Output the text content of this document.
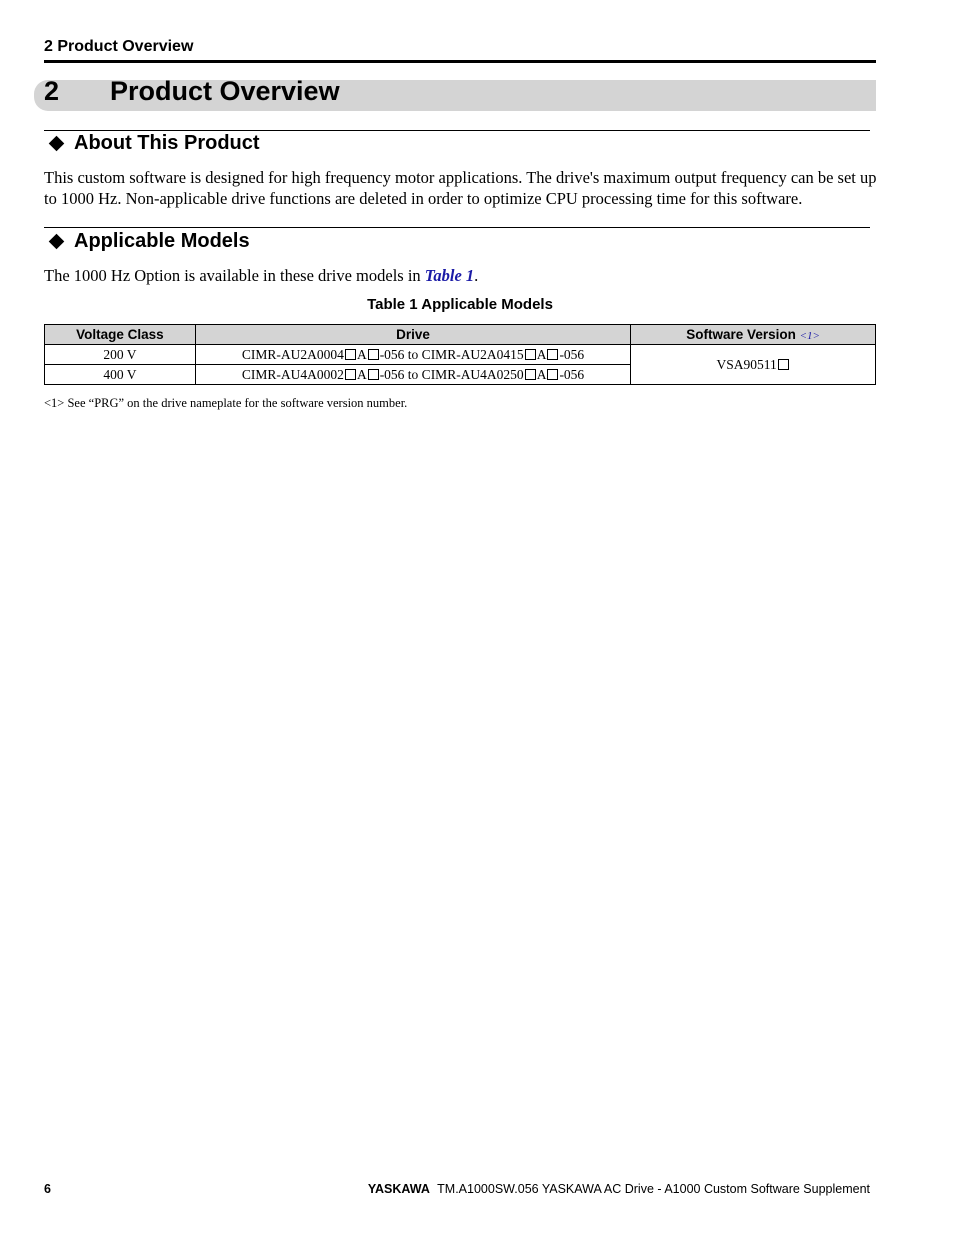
2 Product Overview
2 Product Overview
About This Product
This custom software is designed for high frequency motor applications. The drive's maximum output frequency can be set up to 1000 Hz. Non-applicable drive functions are deleted in order to optimize CPU processing time for this software.
Applicable Models
The 1000 Hz Option is available in these drive models in Table 1.
Table 1 Applicable Models
Voltage Class	Drive	Software Version <1>
200 V	CIMR-AU2A0004 A -056 to CIMR-AU2A0415 A -056	VSA90511
400 V	CIMR-AU4A0002 A -056 to CIMR-AU4A0250 A -056	
<1> See “PRG” on the drive nameplate for the software version number.
6	YASKAWA TM.A1000SW.056 YASKAWA AC Drive - A1000 Custom Software Supplement
